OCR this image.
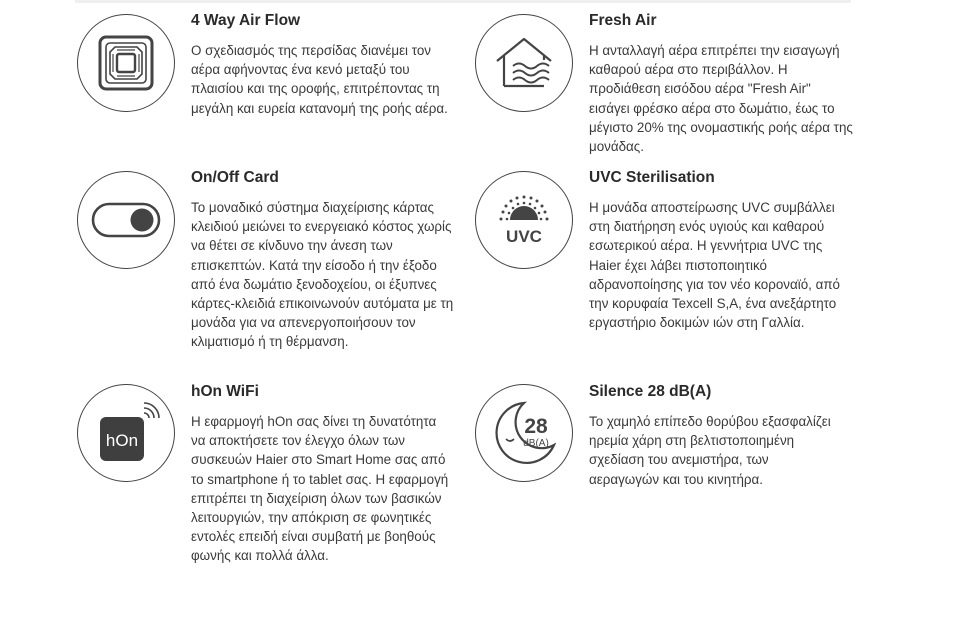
4 Way Air Flow
Ο σχεδιασμός της περσίδας διανέμει τον αέρα αφήνοντας ένα κενό μεταξύ του πλαισίου και της οροφής, επιτρέποντας τη μεγάλη και ευρεία κατανομή της ροής αέρα.
Fresh Air
Η ανταλλαγή αέρα επιτρέπει την εισαγωγή καθαρού αέρα στο περιβάλλον. Η προδιάθεση εισόδου αέρα "Fresh Air" εισάγει φρέσκο αέρα στο δωμάτιο, έως το μέγιστο 20% της ονομαστικής ροής αέρα της μονάδας.
On/Off Card
Το μοναδικό σύστημα διαχείρισης κάρτας κλειδιού μειώνει το ενεργειακό κόστος χωρίς να θέτει σε κίνδυνο την άνεση των επισκεπτών. Κατά την είσοδο ή την έξοδο από ένα δωμάτιο ξενοδοχείου, οι έξυπνες κάρτες-κλειδιά επικοινωνούν αυτόματα με τη μονάδα για να απενεργοποιήσουν τον κλιματισμό ή τη θέρμανση.
UVC
UVC Sterilisation
Η μονάδα αποστείρωσης UVC συμβάλλει στη διατήρηση ενός υγιούς και καθαρού εσωτερικού αέρα. Η γεννήτρια UVC της Haier έχει λάβει πιστοποιητικό αδρανοποίησης για τον νέο κοροναϊό, από την κορυφαία Texcell S,A, ένα ανεξάρτητο εργαστήριο δοκιμών ιών στη Γαλλία.
hOn
hOn WiFi
Η εφαρμογή hOn σας δίνει τη δυνατότητα να αποκτήσετε τον έλεγχο όλων των συσκευών Haier στο Smart Home σας από το smartphone ή το tablet σας. Η εφαρμογή επιτρέπει τη διαχείριση όλων των βασικών λειτουργιών, την απόκριση σε φωνητικές εντολές επειδή είναι συμβατή με βοηθούς φωνής και πολλά άλλα.
28
dB(A)
Silence 28 dB(A)
Το χαμηλό επίπεδο θορύβου εξασφαλίζει ηρεμία χάρη στη βελτιστοποιημένη σχεδίαση του ανεμιστήρα, των αεραγωγών και του κινητήρα.
